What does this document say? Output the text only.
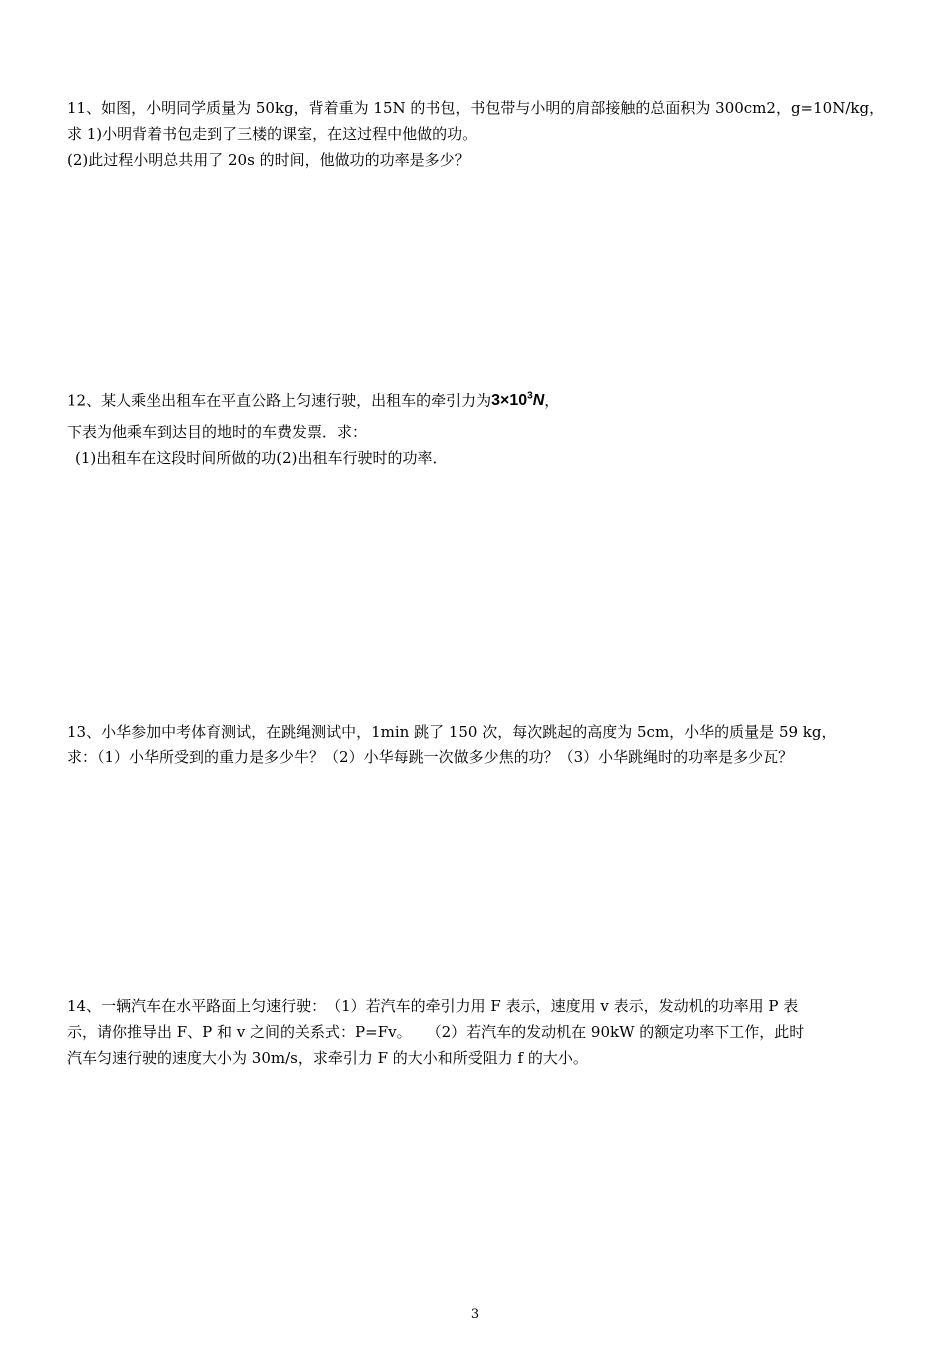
11、如图，小明同学质量为 50kg，背着重为 15N 的书包，书包带与小明的肩部接触的总面积为 300cm2，g=10N/kg，
求 1)小明背着书包走到了三楼的课室，在这过程中他做的功。
(2)此过程小明总共用了 20s 的时间，他做功的功率是多少？
12、某人乘坐出租车在平直公路上匀速行驶，出租车的牵引力为$3\times 10^3N$，
下表为他乘车到达目的地时的车费发票．求：
(1)出租车在这段时间所做的功(2)出租车行驶时的功率．
13、小华参加中考体育测试，在跳绳测试中，1min 跳了 150 次，每次跳起的高度为 5cm，小华的质量是 59 kg，
求：（1）小华所受到的重力是多少牛？（2）小华每跳一次做多少焦的功？（3）小华跳绳时的功率是多少瓦？
14、一辆汽车在水平路面上匀速行驶：　（1）若汽车的牵引力用 F 表示，速度用 v 表示，发动机的功率用 P 表
示，请你推导出 F、P 和 v 之间的关系式：P=Fv。　　（2）若汽车的发动机在 90kW 的额定功率下工作，此时
汽车匀速行驶的速度大小为 30m/s，求牵引力 F 的大小和所受阻力 f 的大小。
3
